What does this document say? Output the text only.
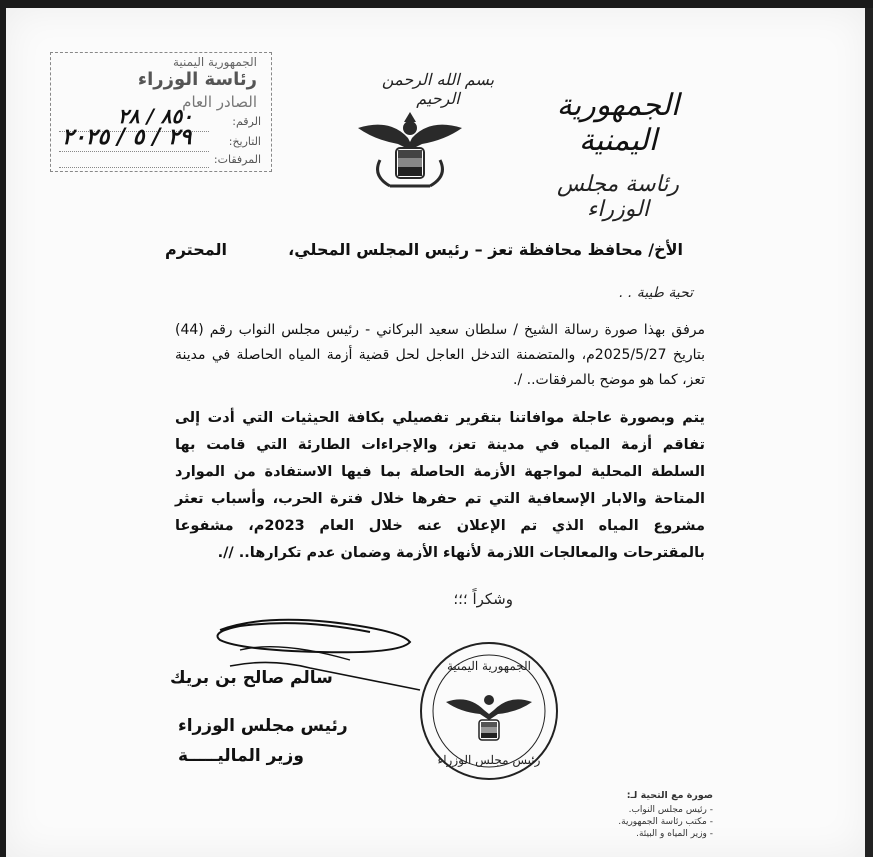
الجمهورية اليمنية
رئاسة الوزراء
الصادر العام
الرقم:
التاريخ:
المرفقات:
٨٥٠ / ٢٨
٢٩ / ٥ / ٢٠٢٥
بسم الله الرحمن الرحيم	الجمهورية اليمنية
رئاسة مجلس الوزراء
الأخ/ محافظ محافظة تعز – رئيس المجلس المحلي،
المحترم
تحية طيبة . .
مرفق بهذا صورة رسالة الشيخ / سلطان سعيد البركاني - رئيس مجلس النواب رقم (44) بتاريخ 2025/5/27م، والمتضمنة التدخل العاجل لحل قضية أزمة المياه الحاصلة في مدينة تعز، كما هو موضح بالمرفقات.. /.
يتم وبصورة عاجلة موافاتنا بتقرير تفصيلي بكافة الحيثيات التي أدت إلى تفاقم أزمة المياه في مدينة تعز، والإجراءات الطارئة التي قامت بها السلطة المحلية لمواجهة الأزمة الحاصلة بما فيها الاستفادة من الموارد المتاحة والابار الإسعافية التي تم حفرها خلال فترة الحرب، وأسباب تعثر مشروع المياه الذي تم الإعلان عنه خلال العام 2023م، مشفوعا بالمقترحات والمعالجات اللازمة لأنهاء الأزمة وضمان عدم تكرارها.. //.
وشكراً ؛؛؛
سالم صالح بن بريك
رئيس مجلس الوزراء
وزير الماليـــــة
الجمهورية اليمنية
رئيس مجلس الوزراء
صورة مع التحية لـ:
- رئيس مجلس النواب.
- مكتب رئاسة الجمهورية.
- وزير المياه و البيئة.
